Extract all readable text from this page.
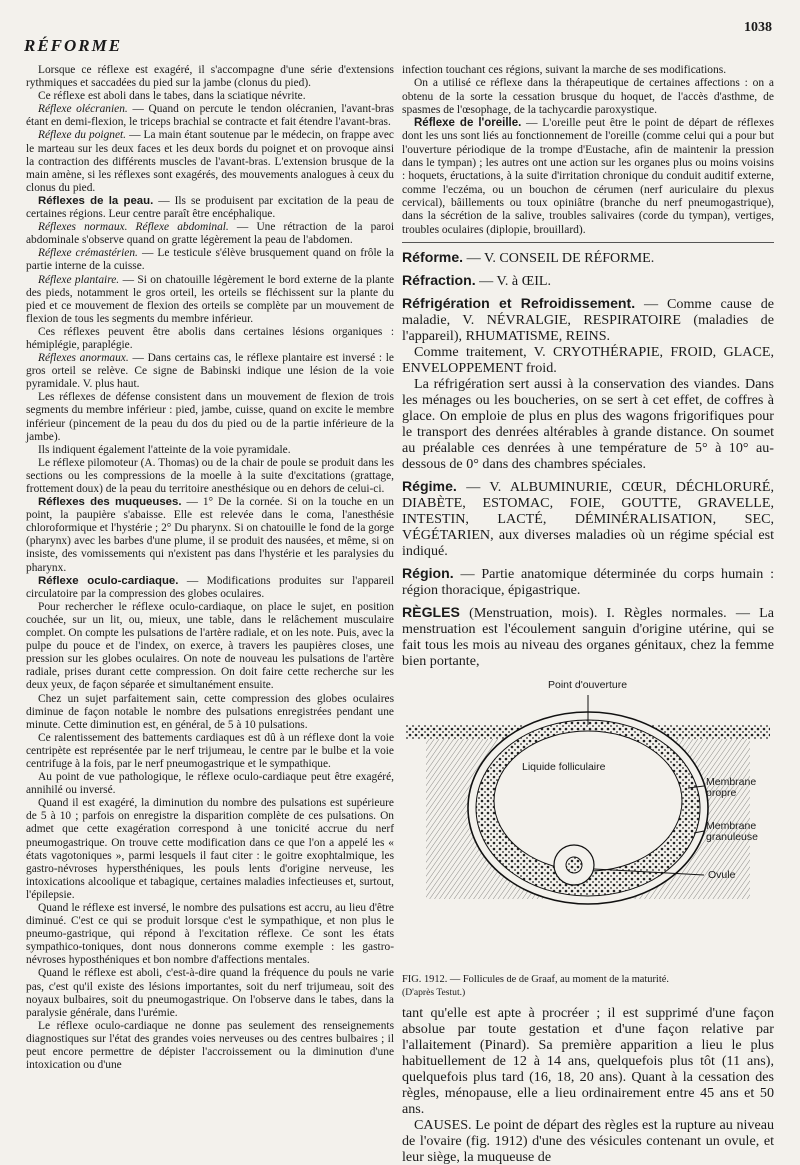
RÉFORME
1038

Lorsque ce réflexe est exagéré, il s'accompagne d'une série d'extensions rythmiques et saccadées du pied sur la jambe (clonus du pied).

Ce réflexe est aboli dans le tabes, dans la sciatique névrite.

Réflexe olécranien. — Quand on percute le tendon olécranien, l'avant-bras étant en demi-flexion, le triceps brachial se contracte et fait étendre l'avant-bras.

Réflexe du poignet. — La main étant soutenue par le médecin, on frappe avec le marteau sur les deux faces et les deux bords du poignet et on provoque ainsi la contraction des différents muscles de l'avant-bras. L'extension brusque de la main amène, si les réflexes sont exagérés, des mouvements analogues à ceux du clonus du pied.

Réflexes de la peau. — Ils se produisent par excitation de la peau de certaines régions. Leur centre paraît être encéphalique.

Réflexes normaux. Réflexe abdominal. — Une rétraction de la paroi abdominale s'observe quand on gratte légèrement la peau de l'abdomen.

Réflexe crémastérien. — Le testicule s'élève brusquement quand on frôle la partie interne de la cuisse.

Réflexe plantaire. — Si on chatouille légèrement le bord externe de la plante des pieds, notamment le gros orteil, les orteils se fléchissent sur la plante du pied et ce mouvement de flexion des orteils se complète par un mouvement de flexion de tous les segments du membre inférieur.

Ces réflexes peuvent être abolis dans certaines lésions organiques : hémiplégie, paraplégie.

Réflexes anormaux. — Dans certains cas, le réflexe plantaire est inversé : le gros orteil se relève. Ce signe de Babinski indique une lésion de la voie pyramidale. V. plus haut.

Les réflexes de défense consistent dans un mouvement de flexion de trois segments du membre inférieur : pied, jambe, cuisse, quand on excite le membre inférieur (pincement de la peau du dos du pied ou de la partie inférieure de la jambe).

Ils indiquent également l'atteinte de la voie pyramidale.

Le réflexe pilomoteur (A. Thomas) ou de la chair de poule se produit dans les sections ou les compressions de la moelle à la suite d'excitations (grattage, frottement doux) de la peau du territoire anesthésique ou en dehors de celui-ci.

Réflexes des muqueuses. — 1° De la cornée. Si on la touche en un point, la paupière s'abaisse. Elle est relevée dans le coma, l'anesthésie chloroformique et l'hystérie ; 2° Du pharynx. Si on chatouille le fond de la gorge (pharynx) avec les barbes d'une plume, il se produit des nausées, et même, si on insiste, des vomissements qui n'existent pas dans l'hystérie et les paralysies du pharynx.

Réflexe oculo-cardiaque. — Modifications produites sur l'appareil circulatoire par la compression des globes oculaires.

Pour rechercher le réflexe oculo-cardiaque, on place le sujet, en position couchée, sur un lit, ou, mieux, une table, dans le relâchement musculaire complet. On compte les pulsations de l'artère radiale, et on les note. Puis, avec la pulpe du pouce et de l'index, on exerce, à travers les paupières closes, une pression sur les globes oculaires. On note de nouveau les pulsations de l'artère radiale, prises durant cette compression. On doit faire cette recherche sur les deux yeux, de façon séparée et simultanément ensuite.

Chez un sujet parfaitement sain, cette compression des globes oculaires diminue de façon notable le nombre des pulsations enregistrées pendant une minute. Cette diminution est, en général, de 5 à 10 pulsations.

Ce ralentissement des battements cardiaques est dû à un réflexe dont la voie centripète est représentée par le nerf trijumeau, le centre par le bulbe et la voie centrifuge à la fois, par le nerf pneumogastrique et le sympathique.

Au point de vue pathologique, le réflexe oculo-cardiaque peut être exagéré, annihilé ou inversé.

Quand il est exagéré, la diminution du nombre des pulsations est supérieure de 5 à 10 ; parfois on enregistre la disparition complète de ces pulsations. On admet que cette exagération correspond à une tonicité accrue du nerf pneumogastrique. On trouve cette modification dans ce que l'on a appelé les « états vagotoniques », parmi lesquels il faut citer : le goitre exophtalmique, les gastro-névroses hypersthéniques, les pouls lents d'origine nerveuse, les intoxications alcoolique et tabagique, certaines maladies infectieuses et, surtout, l'épilepsie.

Quand le réflexe est inversé, le nombre des pulsations est accru, au lieu d'être diminué. C'est ce qui se produit lorsque c'est le sympathique, et non plus le pneumo-gastrique, qui répond à l'excitation réflexe. Ce sont les états sympathico-toniques, dont nous donnerons comme exemple : les gastro-névroses hyposthéniques et bon nombre d'affections mentales.

Quand le réflexe est aboli, c'est-à-dire quand la fréquence du pouls ne varie pas, c'est qu'il existe des lésions importantes, soit du nerf trijumeau, soit des noyaux bulbaires, soit du pneumogastrique. On l'observe dans le tabes, dans la paralysie générale, dans l'urémie.

Le réflexe oculo-cardiaque ne donne pas seulement des renseignements diagnostiques sur l'état des grandes voies nerveuses ou des centres bulbaires ; il peut encore permettre de dépister l'accroissement ou la diminution d'une intoxication ou d'une

infection touchant ces régions, suivant la marche de ses modifications.

On a utilisé ce réflexe dans la thérapeutique de certaines affections : on a obtenu de la sorte la cessation brusque du hoquet, de l'accès d'asthme, de spasmes de l'œsophage, de la tachycardie paroxystique.

Réflexe de l'oreille. — L'oreille peut être le point de départ de réflexes dont les uns sont liés au fonctionnement de l'oreille (comme celui qui a pour but l'ouverture périodique de la trompe d'Eustache, afin de maintenir la pression dans le tympan) ; les autres ont une action sur les organes plus ou moins voisins : hoquets, éructations, à la suite d'irritation chronique du conduit auditif externe, comme l'eczéma, ou un bouchon de cérumen (nerf auriculaire du plexus cervical), bâillements ou toux opiniâtre (branche du nerf pneumogastrique), dans la sécrétion de la salive, troubles salivaires (corde du tympan), vertiges, troubles oculaires (diplopie, brouillard).

Réforme. — V. CONSEIL DE RÉFORME.

Réfraction. — V. à ŒIL.

Réfrigération et Refroidissement. — Comme cause de maladie, V. NÉVRALGIE, RESPIRATOIRE (maladies de l'appareil), RHUMATISME, REINS.

Comme traitement, V. CRYOTHÉRAPIE, FROID, GLACE, ENVELOPPEMENT froid.

La réfrigération sert aussi à la conservation des viandes. Dans les ménages ou les boucheries, on se sert à cet effet, de coffres à glace. On emploie de plus en plus des wagons frigorifiques pour le transport des denrées altérables à grande distance. On soumet au préalable ces denrées à une température de 5° à 10° au-dessous de 0° dans des chambres spéciales.

Régime. — V. ALBUMINURIE, CŒUR, DÉCHLORURÉ, DIABÈTE, ESTOMAC, FOIE, GOUTTE, GRAVELLE, INTESTIN, LACTÉ, DÉMINÉRALISATION, SEC, VÉGÉTARIEN, aux diverses maladies où un régime spécial est indiqué.

Région. — Partie anatomique déterminée du corps humain : région thoracique, épigastrique.

RÈGLES (Menstruation, mois). I. Règles normales. — La menstruation est l'écoulement sanguin d'origine utérine, qui se fait tous les mois au niveau des organes génitaux, chez la femme bien portante,

Point d'ouverture
Liquide folliculaire
Membrane propre
Membrane granuleuse
Ovule

FIG. 1912. — Follicules de de Graaf, au moment de la maturité.

(D'après Testut.)

tant qu'elle est apte à procréer ; il est supprimé d'une façon absolue par toute gestation et d'une façon relative par l'allaitement (Pinard). Sa première apparition a lieu le plus habituellement de 12 à 14 ans, quelquefois plus tôt (11 ans), quelquefois plus tard (16, 18, 20 ans). Quant à la cessation des règles, ménopause, elle a lieu ordinairement entre 45 ans et 50 ans.

CAUSES. Le point de départ des règles est la rupture au niveau de l'ovaire (fig. 1912) d'une des vésicules contenant un ovule, et leur siège, la muqueuse de
